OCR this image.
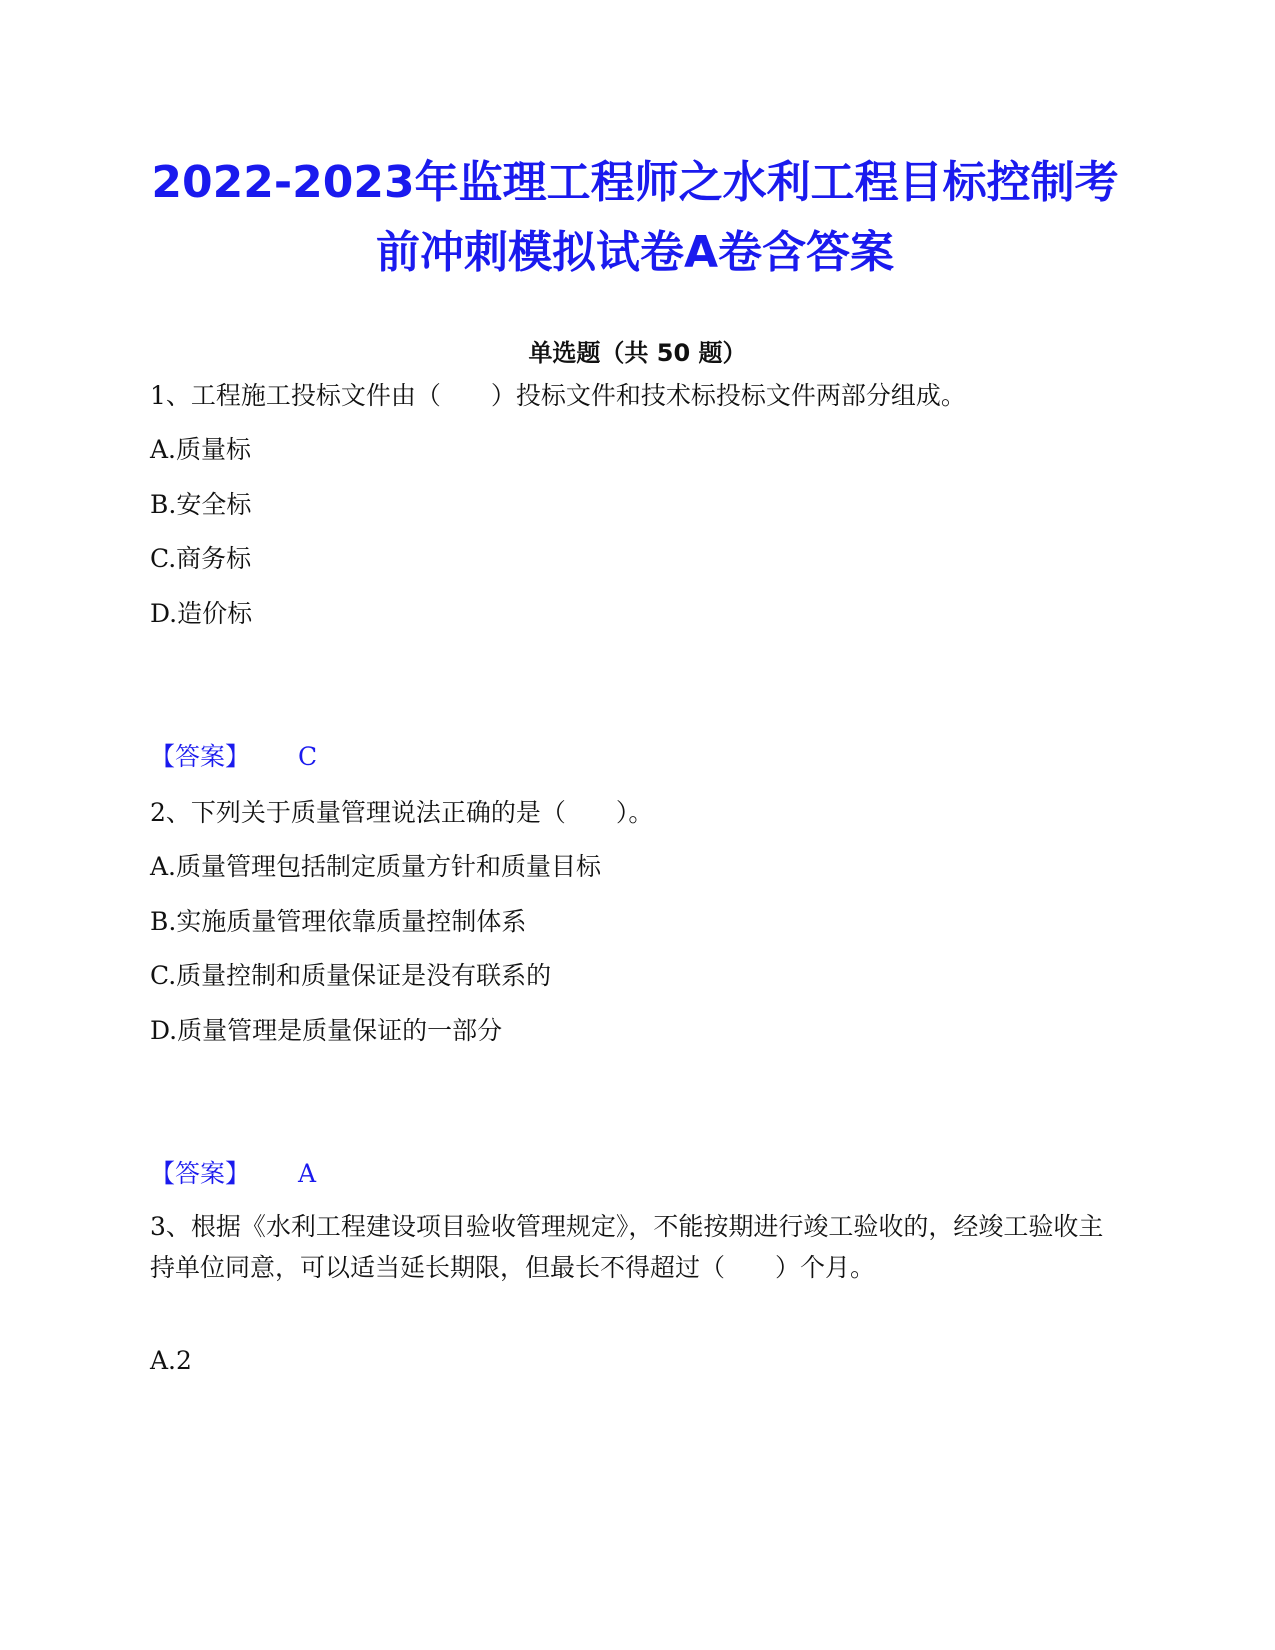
2022-2023年监理工程师之水利工程目标控制考前冲刺模拟试卷A卷含答案
单选题（共 50 题）
1、工程施工投标文件由（　　）投标文件和技术标投标文件两部分组成。
A.质量标
B.安全标
C.商务标
D.造价标
【答案】 C
2、下列关于质量管理说法正确的是（　　）。
A.质量管理包括制定质量方针和质量目标
B.实施质量管理依靠质量控制体系
C.质量控制和质量保证是没有联系的
D.质量管理是质量保证的一部分
【答案】 A
3、根据《水利工程建设项目验收管理规定》，不能按期进行竣工验收的，经竣工验收主持单位同意，可以适当延长期限，但最长不得超过（　　）个月。
A.2
